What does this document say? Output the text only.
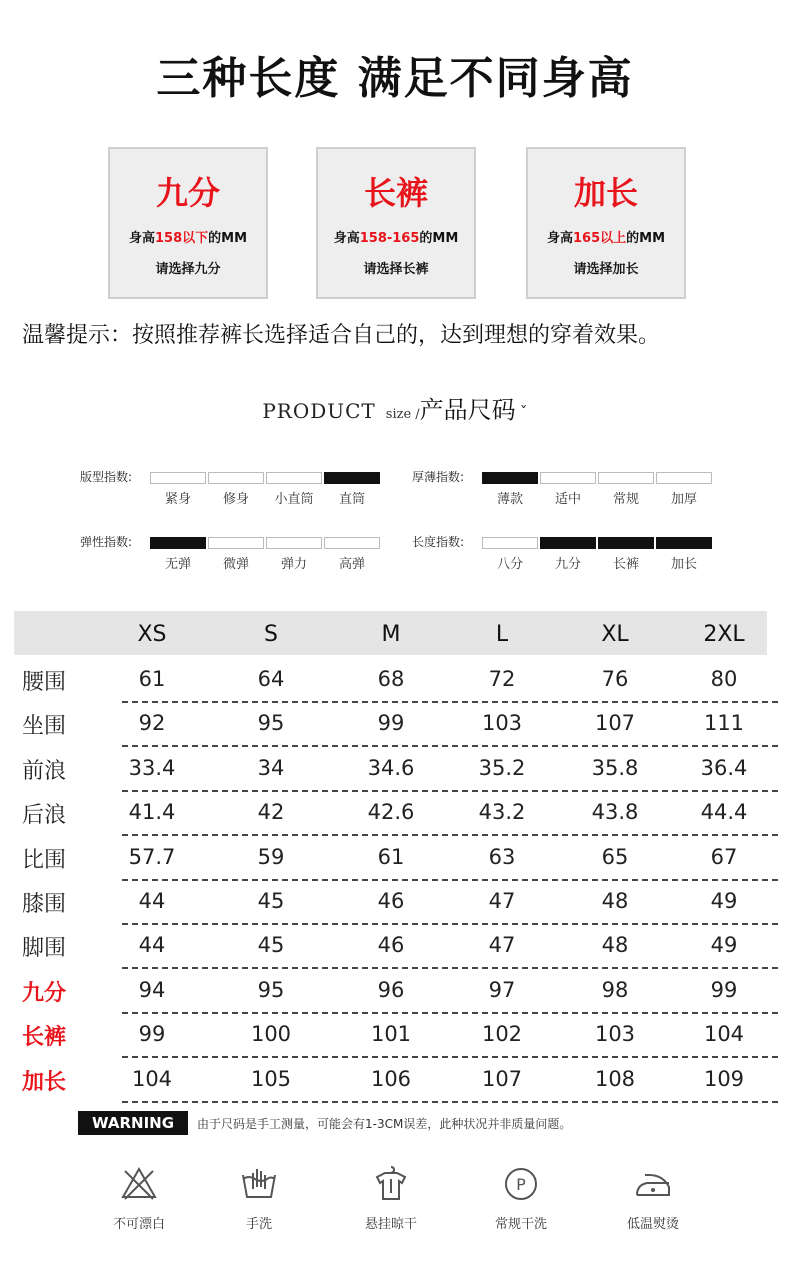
三种长度 满足不同身高
九分
身高158以下的MM
请选择九分
长裤
身高158-165的MM
请选择长裤
加长
身高165以上的MM
请选择加长
温馨提示：按照推荐裤长选择适合自己的，达到理想的穿着效果。
PRODUCT size /产品尺码 ˇ
版型指数:
紧身	修身	小直筒	直筒
厚薄指数:
薄款	适中	常规	加厚
弹性指数:
无弹	微弹	弹力	高弹
长度指数:
八分	九分	长裤	加长
XS	S	M	L	XL	2XL
腰围	61	64	68	72	76	80
坐围	92	95	99	103	107	111
前浪	33.4	34	34.6	35.2	35.8	36.4
后浪	41.4	42	42.6	43.2	43.8	44.4
比围	57.7	59	61	63	65	67
膝围	44	45	46	47	48	49
脚围	44	45	46	47	48	49
九分	94	95	96	97	98	99
长裤	99	100	101	102	103	104
加长	104	105	106	107	108	109
WARNING	由于尺码是手工测量，可能会有1-3CM误差，此种状况并非质量问题。
不可漂白	手洗	悬挂晾干
P
常规干洗	低温熨烫
